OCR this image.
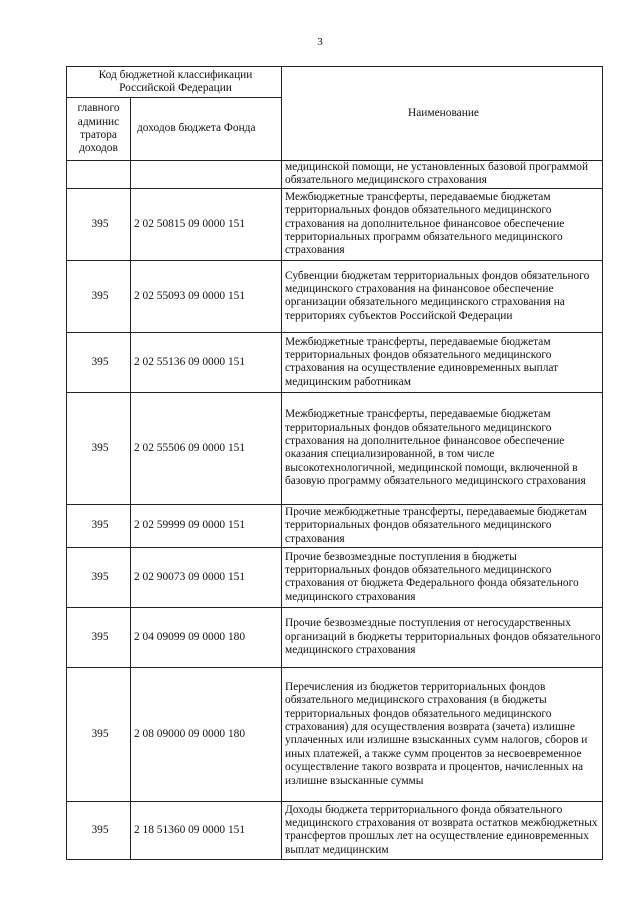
3
Код бюджетной классификации Российской Федерации		Наименование
главного админис тратора доходов	доходов бюджета Фонда	
		медицинской помощи, не установленных базовой программой обязательного медицинского страхования
395	2 02 50815 09 0000 151	Межбюджетные трансферты, передаваемые бюджетам территориальных фондов обязательного медицинского страхования на дополнительное финансовое обеспечение территориальных программ обязательного медицинского страхования
395	2 02 55093 09 0000 151	Субвенции бюджетам территориальных фондов обязательного медицинского страхования на финансовое обеспечение организации обязательного медицинского страхования на территориях субъектов Российской Федерации
395	2 02 55136 09 0000 151	Межбюджетные трансферты, передаваемые бюджетам территориальных фондов обязательного медицинского страхования на осуществление единовременных выплат медицинским работникам
395	2 02 55506 09 0000 151	Межбюджетные трансферты, передаваемые бюджетам территориальных фондов обязательного медицинского страхования на дополнительное финансовое обеспечение оказания специализированной, в том числе высокотехнологичной, медицинской помощи, включенной в базовую программу обязательного медицинского страхования
395	2 02 59999 09 0000 151	Прочие межбюджетные трансферты, передаваемые бюджетам территориальных фондов обязательного медицинского страхования
395	2 02 90073 09 0000 151	Прочие безвозмездные поступления в бюджеты территориальных фондов обязательного медицинского страхования от бюджета Федерального фонда обязательного медицинского страхования
395	2 04 09099 09 0000 180	Прочие безвозмездные поступления от негосударственных организаций в бюджеты территориальных фондов обязательного медицинского страхования
395	2 08 09000 09 0000 180	Перечисления из бюджетов территориальных фондов обязательного медицинского страхования (в бюджеты территориальных фондов обязательного медицинского страхования) для осуществления возврата (зачета) излишне уплаченных или излишне взысканных сумм налогов, сборов и иных платежей, а также сумм процентов за несвоевременное осуществление такого возврата и процентов, начисленных на излишне взысканные суммы
395	2 18 51360 09 0000 151	Доходы бюджета территориального фонда обязательного медицинского страхования от возврата остатков межбюджетных трансфертов прошлых лет на осуществление единовременных выплат медицинским
